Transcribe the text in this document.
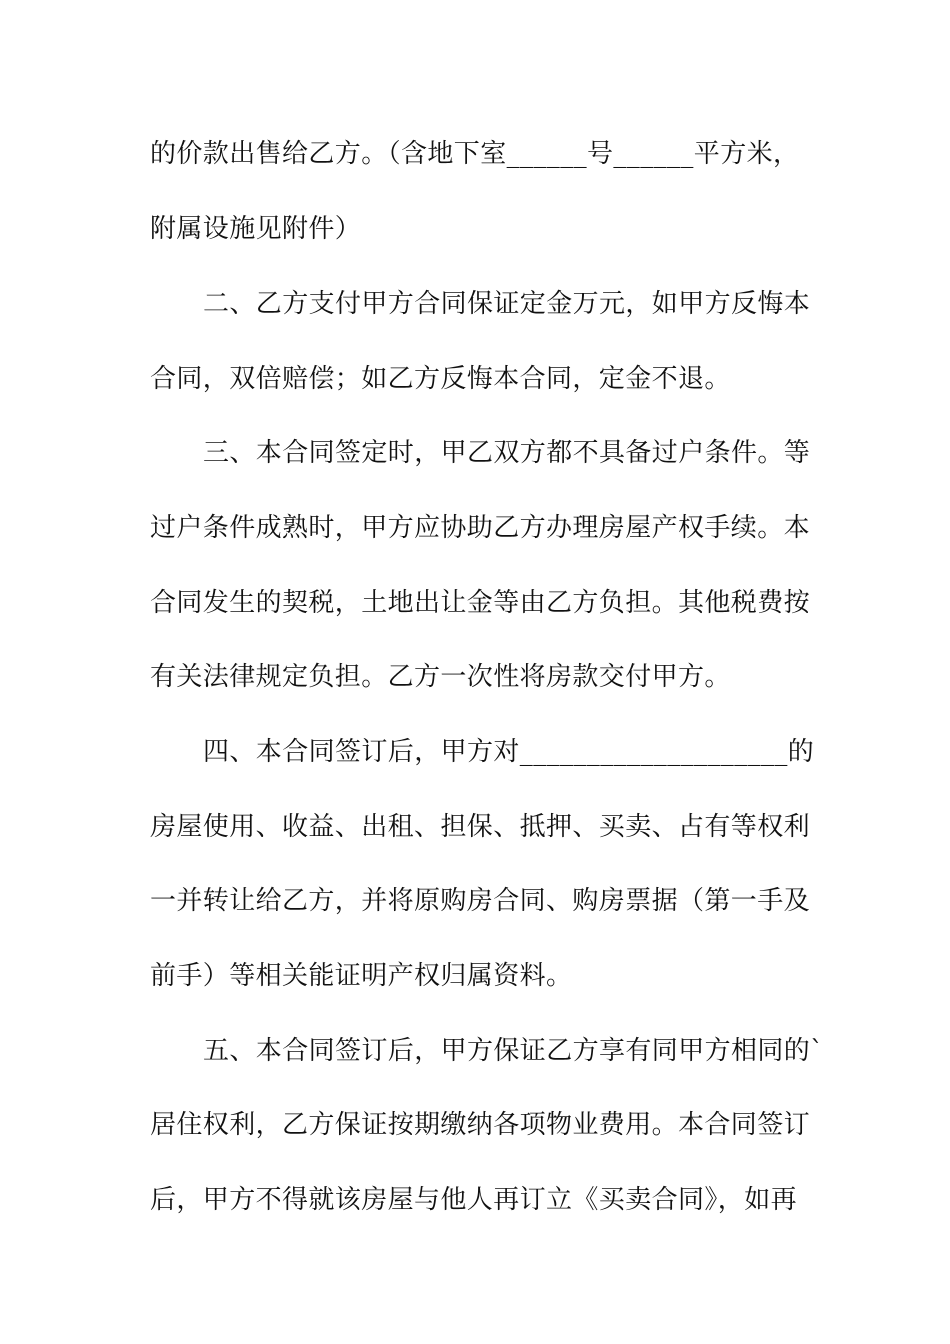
的价款出售给乙方。（含地下室______号______平方米，

附属设施见附件）

二、乙方支付甲方合同保证定金万元，如甲方反悔本

合同，双倍赔偿；如乙方反悔本合同，定金不退。

三、本合同签定时，甲乙双方都不具备过户条件。等

过户条件成熟时，甲方应协助乙方办理房屋产权手续。本

合同发生的契税，土地出让金等由乙方负担。其他税费按

有关法律规定负担。乙方一次性将房款交付甲方。

四、本合同签订后，甲方对____________________的

房屋使用、收益、出租、担保、抵押、买卖、占有等权利

一并转让给乙方，并将原购房合同、购房票据（第一手及

前手）等相关能证明产权归属资料。

五、本合同签订后，甲方保证乙方享有同甲方相同的`

居住权利，乙方保证按期缴纳各项物业费用。本合同签订

后，甲方不得就该房屋与他人再订立《买卖合同》，如再
